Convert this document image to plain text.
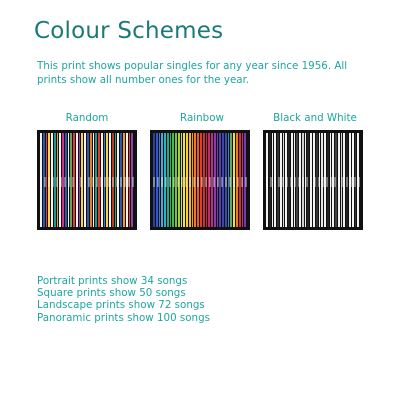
Colour Schemes
This print shows popular singles for any year since 1956. All prints show all number ones for the year.
Random	Rainbow	Black and White
Portrait prints show 34 songs
Square prints show 50 songs
Landscape prints show 72 songs
Panoramic prints show 100 songs
